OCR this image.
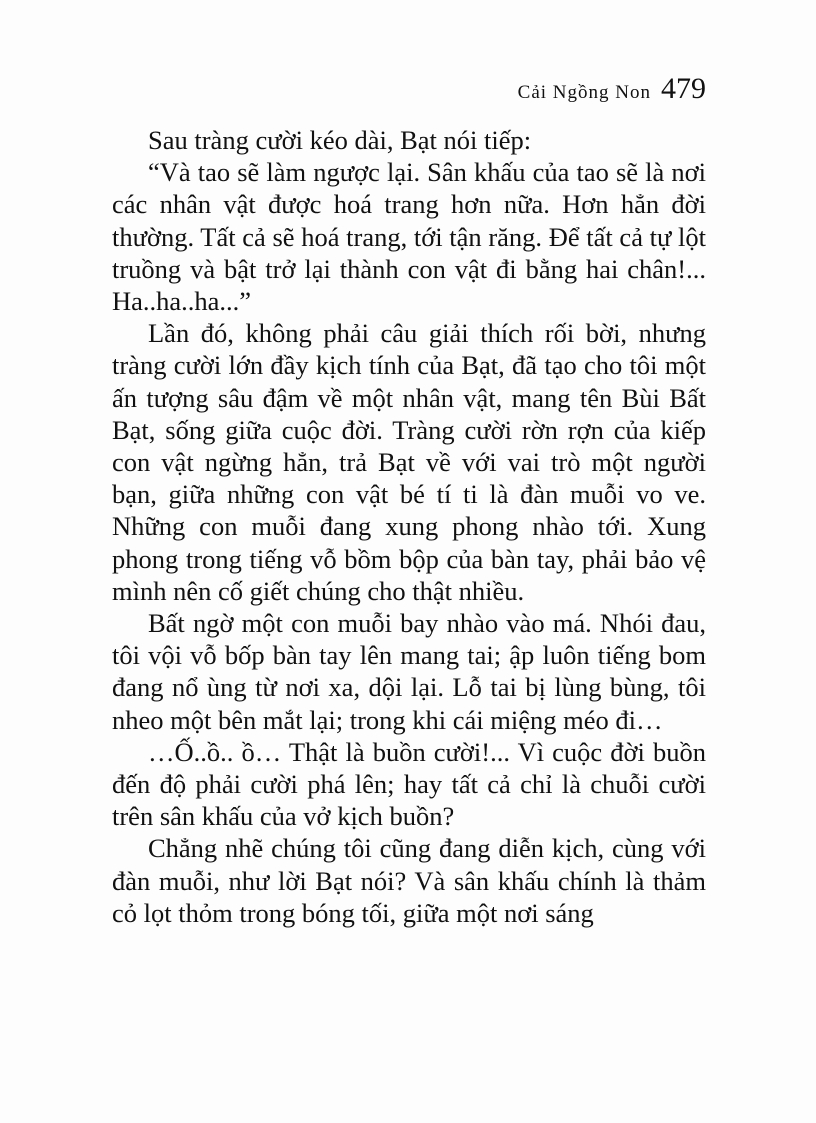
Cải Ngồng Non 479

Sau tràng cười kéo dài, Bạt nói tiếp:

“Và tao sẽ làm ngược lại. Sân khấu của tao sẽ là nơi các nhân vật được hoá trang hơn nữa. Hơn hẳn đời thường. Tất cả sẽ hoá trang, tới tận răng. Để tất cả tự lột truồng và bật trở lại thành con vật đi bằng hai chân!... Ha..ha..ha...”

Lần đó, không phải câu giải thích rối bời, nhưng tràng cười lớn đầy kịch tính của Bạt, đã tạo cho tôi một ấn tượng sâu đậm về một nhân vật, mang tên Bùi Bất Bạt, sống giữa cuộc đời. Tràng cười rờn rợn của kiếp con vật ngừng hẳn, trả Bạt về với vai trò một người bạn, giữa những con vật bé tí ti là đàn muỗi vo ve. Những con muỗi đang xung phong nhào tới. Xung phong trong tiếng vỗ bồm bộp của bàn tay, phải bảo vệ mình nên cố giết chúng cho thật nhiều.

Bất ngờ một con muỗi bay nhào vào má. Nhói đau, tôi vội vỗ bốp bàn tay lên mang tai; ập luôn tiếng bom đang nổ ùng từ nơi xa, dội lại. Lỗ tai bị lùng bùng, tôi nheo một bên mắt lại; trong khi cái miệng méo đi…

…Ố..ồ.. ồ… Thật là buồn cười!... Vì cuộc đời buồn đến độ phải cười phá lên; hay tất cả chỉ là chuỗi cười trên sân khấu của vở kịch buồn?

Chẳng nhẽ chúng tôi cũng đang diễn kịch, cùng với đàn muỗi, như lời Bạt nói? Và sân khấu chính là thảm cỏ lọt thỏm trong bóng tối, giữa một nơi sáng
